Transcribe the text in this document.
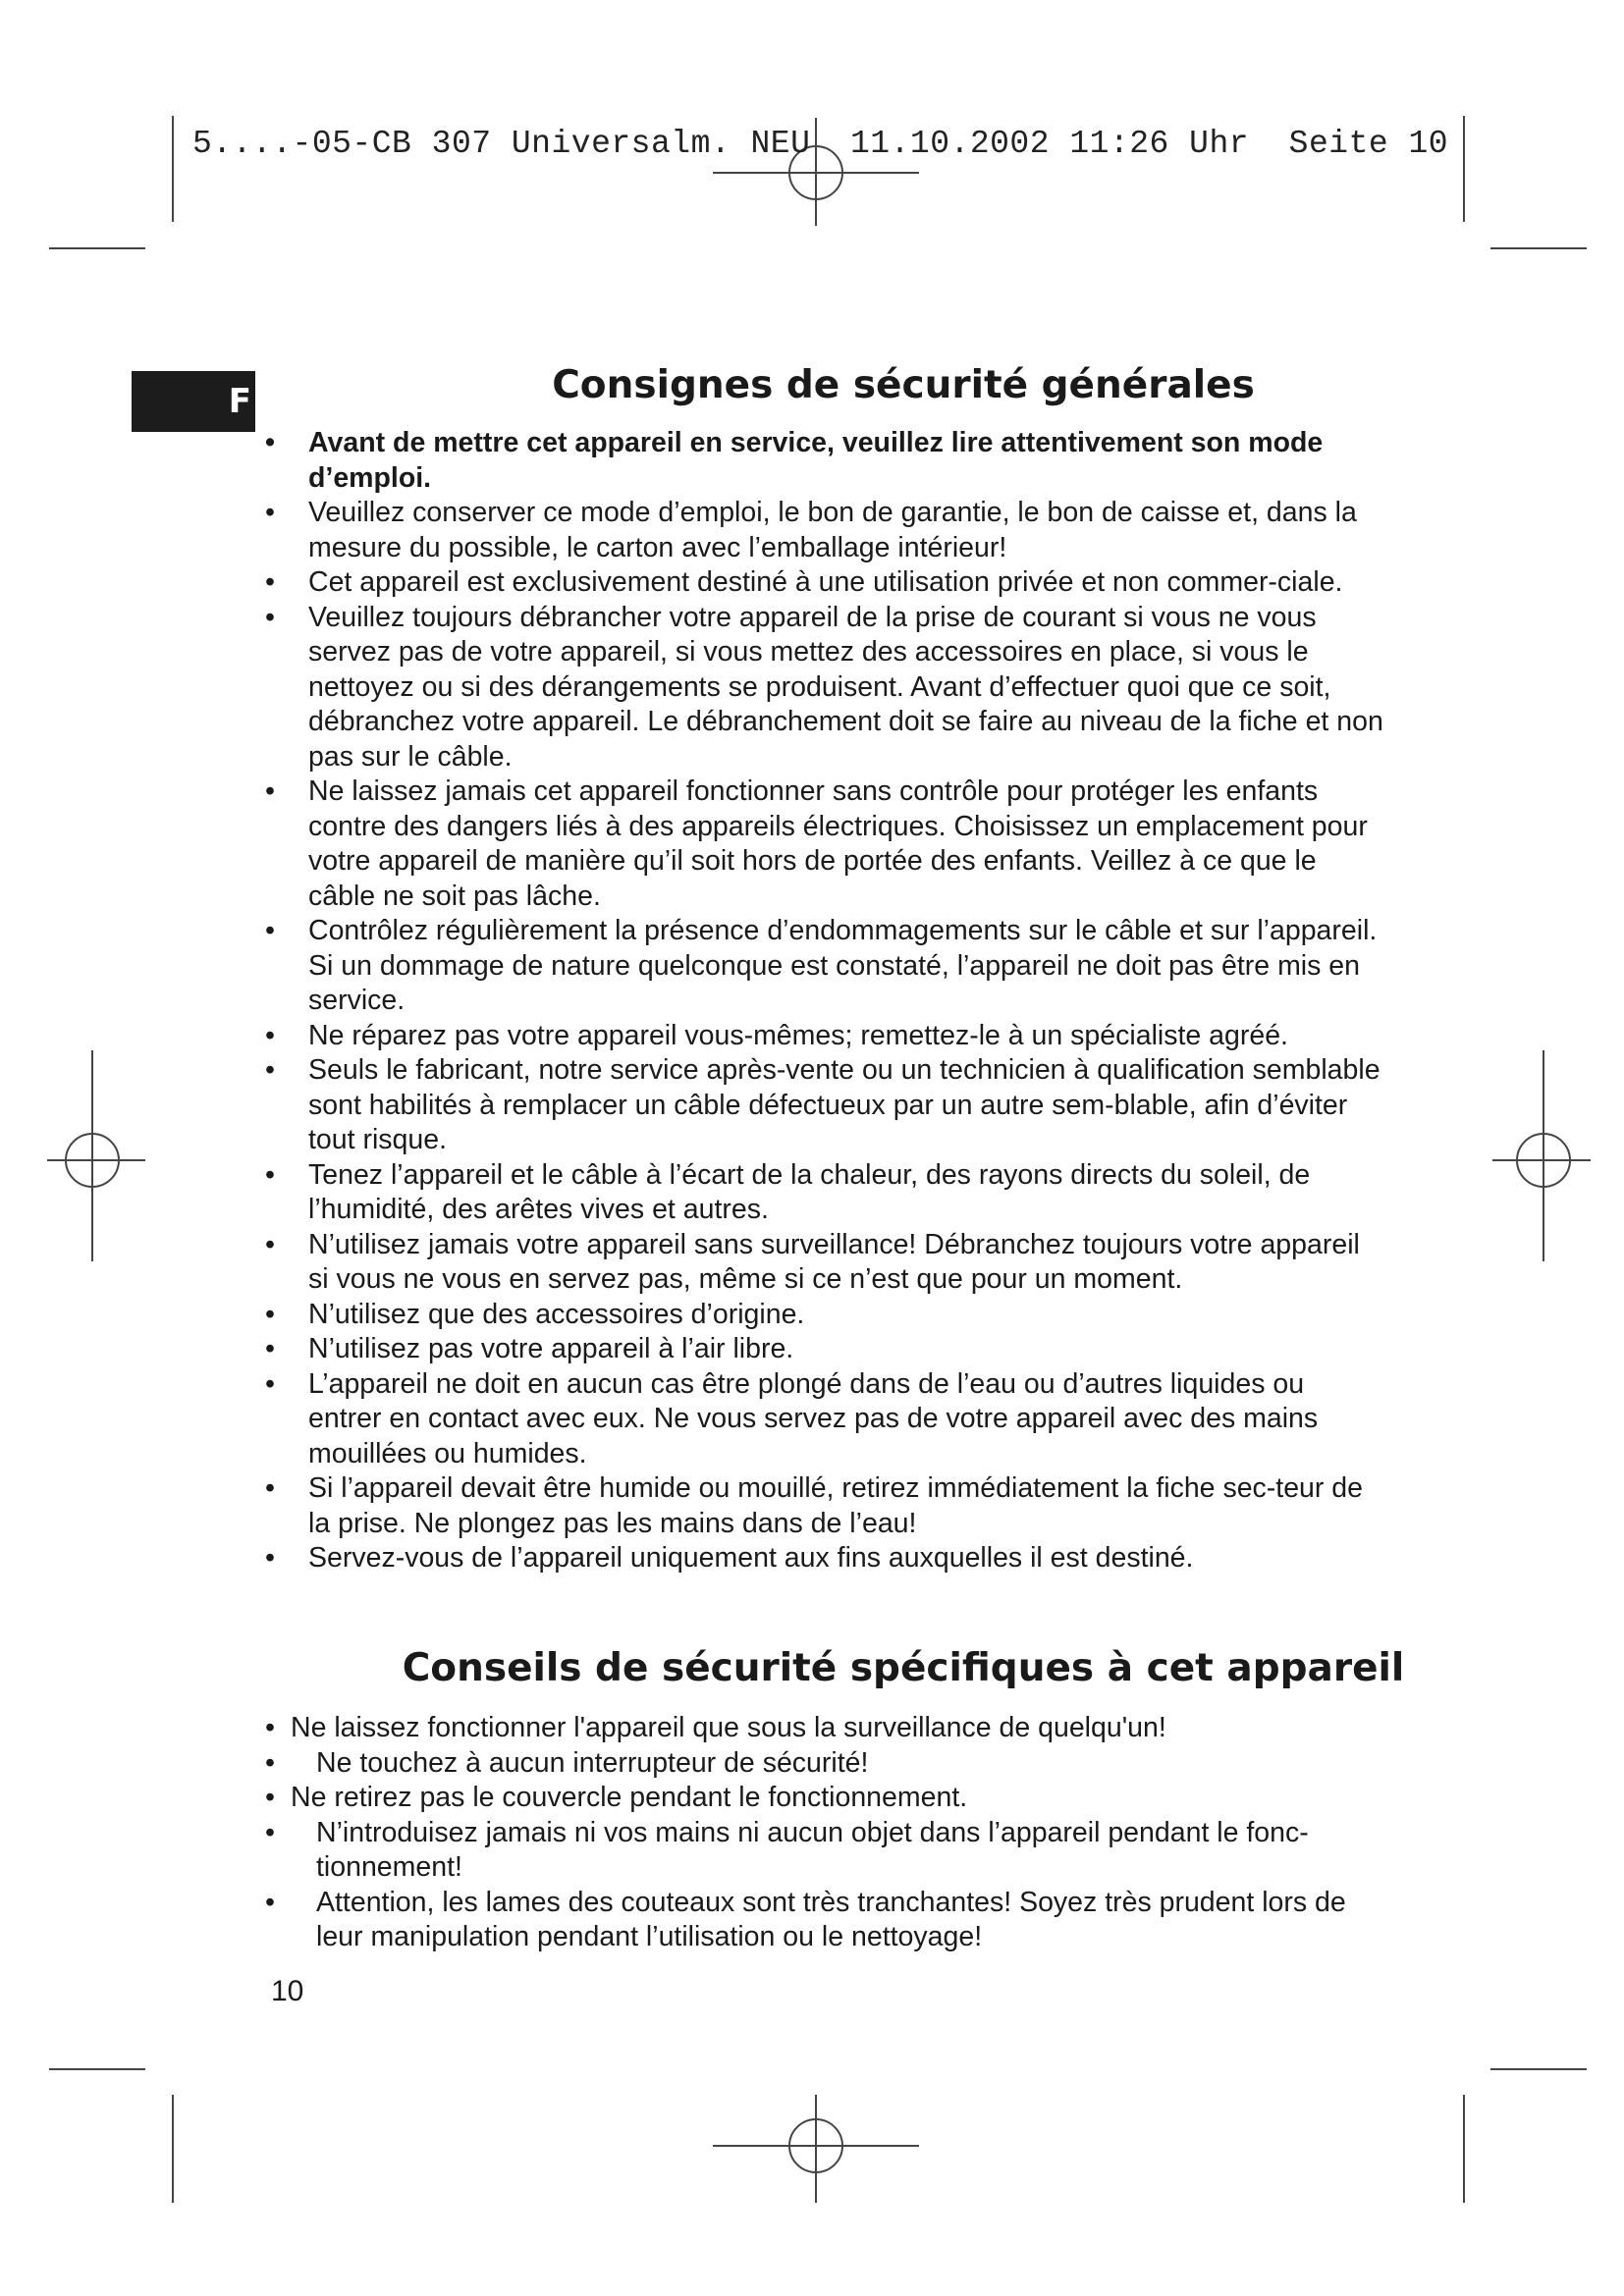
5....-05-CB 307 Universalm. NEU  11.10.2002 11:26 Uhr  Seite 10
F	Consignes de sécurité générales
• Avant de mettre cet appareil en service, veuillez lire attentivement son mode d’emploi.
• Veuillez conserver ce mode d’emploi, le bon de garantie, le bon de caisse et, dans la mesure du possible, le carton avec l’emballage intérieur!
• Cet appareil est exclusivement destiné à une utilisation privée et non commer-ciale.
• Veuillez toujours débrancher votre appareil de la prise de courant si vous ne vous servez pas de votre appareil, si vous mettez des accessoires en place, si vous le nettoyez ou si des dérangements se produisent. Avant d’effectuer quoi que ce soit, débranchez votre appareil. Le débranchement doit se faire au niveau de la fiche et non pas sur le câble.
• Ne laissez jamais cet appareil fonctionner sans contrôle pour protéger les enfants contre des dangers liés à des appareils électriques. Choisissez un emplacement pour votre appareil de manière qu’il soit hors de portée des enfants. Veillez à ce que le câble ne soit pas lâche.
• Contrôlez régulièrement la présence d’endommagements sur le câble et sur l’appareil. Si un dommage de nature quelconque est constaté, l’appareil ne doit pas être mis en service.
• Ne réparez pas votre appareil vous-mêmes; remettez-le à un spécialiste agréé.
• Seuls le fabricant, notre service après-vente ou un technicien à qualification semblable sont habilités à remplacer un câble défectueux par un autre sem-blable, afin d’éviter tout risque.
• Tenez l’appareil et le câble à l’écart de la chaleur, des rayons directs du soleil, de l’humidité, des arêtes vives et autres.
• N’utilisez jamais votre appareil sans surveillance! Débranchez toujours votre appareil si vous ne vous en servez pas, même si ce n’est que pour un moment.
• N’utilisez que des accessoires d’origine.
• N’utilisez pas votre appareil à l’air libre.
• L’appareil ne doit en aucun cas être plongé dans de l’eau ou d’autres liquides ou entrer en contact avec eux. Ne vous servez pas de votre appareil avec des mains mouillées ou humides.
• Si l’appareil devait être humide ou mouillé, retirez immédiatement la fiche sec-teur de la prise. Ne plongez pas les mains dans de l’eau!
• Servez-vous de l’appareil uniquement aux fins auxquelles il est destiné.
Conseils de sécurité spécifiques à cet appareil
• Ne laissez fonctionner l'appareil que sous la surveillance de quelqu'un!
• Ne touchez à aucun interrupteur de sécurité!
• Ne retirez pas le couvercle pendant le fonctionnement.
• N’introduisez jamais ni vos mains ni aucun objet dans l’appareil pendant le fonc-tionnement!
• Attention, les lames des couteaux sont très tranchantes! Soyez très prudent lors de leur manipulation pendant l’utilisation ou le nettoyage!
10
